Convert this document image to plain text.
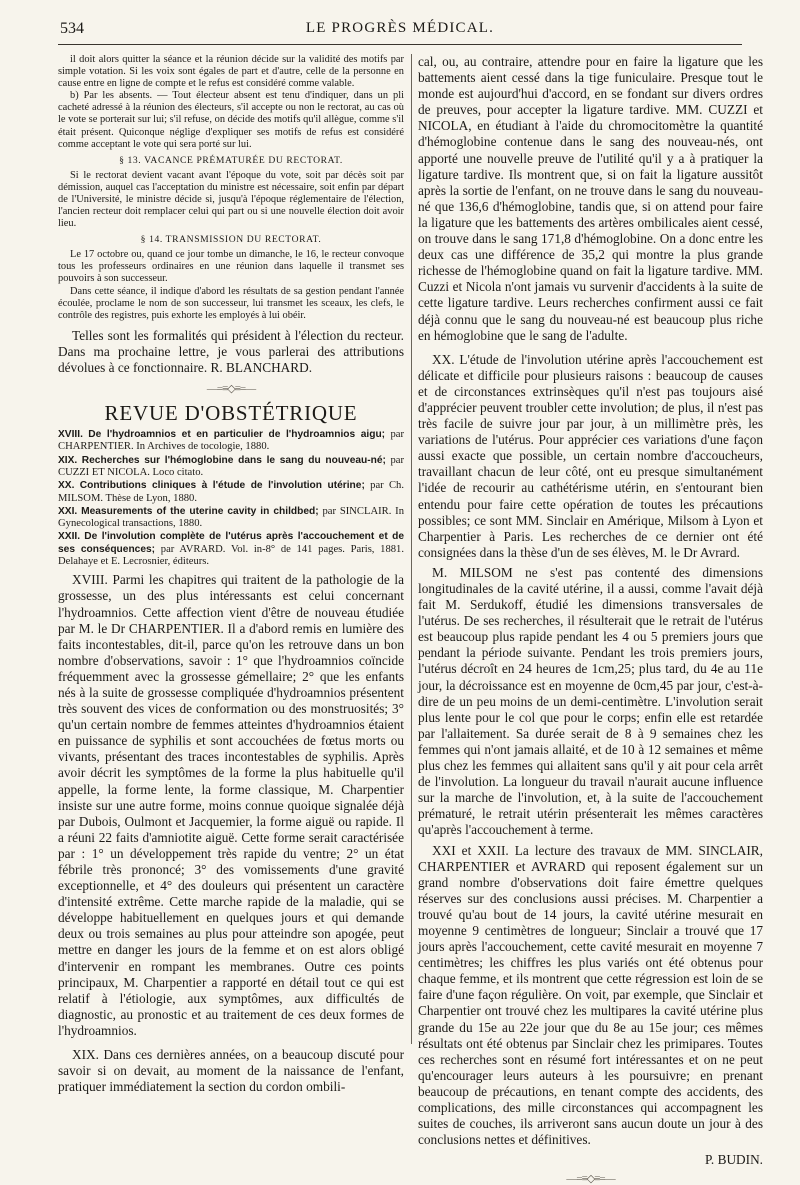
534	LE PROGRÈS MÉDICAL.

il doit alors quitter la séance et la réunion décide sur la validité des motifs par simple votation. Si les voix sont égales de part et d'autre, celle de la personne en cause entre en ligne de compte et le refus est considéré comme valable.

b) Par les absents. — Tout électeur absent est tenu d'indiquer, dans un pli cacheté adressé à la réunion des électeurs, s'il accepte ou non le rectorat, au cas où le vote se porterait sur lui; s'il refuse, on décide des motifs qu'il allègue, comme s'il était présent. Quiconque néglige d'expliquer ses motifs de refus est considéré comme acceptant le vote qui sera porté sur lui.

§ 13. VACANCE PRÉMATURÉE DU RECTORAT.

Si le rectorat devient vacant avant l'époque du vote, soit par décès soit par démission, auquel cas l'acceptation du ministre est nécessaire, soit enfin par départ de l'Université, le ministre décide si, jusqu'à l'époque réglementaire de l'élection, l'ancien recteur doit remplacer celui qui part ou si une nouvelle élection doit avoir lieu.

§ 14. TRANSMISSION DU RECTORAT.

Le 17 octobre ou, quand ce jour tombe un dimanche, le 16, le recteur convoque tous les professeurs ordinaires en une réunion dans laquelle il transmet ses pouvoirs à son successeur.

Dans cette séance, il indique d'abord les résultats de sa gestion pendant l'année écoulée, proclame le nom de son successeur, lui transmet les sceaux, les clefs, le contrôle des registres, puis exhorte les employés à lui obéir.

Telles sont les formalités qui président à l'élection du recteur. Dans ma prochaine lettre, je vous parlerai des attributions dévolues à ce fonctionnaire. R. BLANCHARD.

—=≡◇≡=—
REVUE D'OBSTÉTRIQUE

XVIII. De l'hydroamnios et en particulier de l'hydroamnios aigu; par CHARPENTIER. In Archives de tocologie, 1880.

XIX. Recherches sur l'hémoglobine dans le sang du nouveau-né; par CUZZI ET NICOLA. Loco citato.

XX. Contributions cliniques à l'étude de l'involution utérine; par Ch. MILSOM. Thèse de Lyon, 1880.

XXI. Measurements of the uterine cavity in childbed; par SINCLAIR. In Gynecological transactions, 1880.

XXII. De l'involution complète de l'utérus après l'accouchement et de ses conséquences; par AVRARD. Vol. in-8° de 141 pages. Paris, 1881. Delahaye et E. Lecrosnier, éditeurs.

XVIII. Parmi les chapitres qui traitent de la pathologie de la grossesse, un des plus intéressants est celui concernant l'hydroamnios. Cette affection vient d'être de nouveau étudiée par M. le Dr CHARPENTIER. Il a d'abord remis en lumière des faits incontestables, dit-il, parce qu'on les retrouve dans un bon nombre d'observations, savoir : 1° que l'hydroamnios coïncide fréquemment avec la grossesse gémellaire; 2° que les enfants nés à la suite de grossesse compliquée d'hydroamnios présentent très souvent des vices de conformation ou des monstruosités; 3° qu'un certain nombre de femmes atteintes d'hydroamnios étaient en puissance de syphilis et sont accouchées de fœtus morts ou vivants, présentant des traces incontestables de syphilis. Après avoir décrit les symptômes de la forme la plus habituelle qu'il appelle, la forme lente, la forme classique, M. Charpentier insiste sur une autre forme, moins connue quoique signalée déjà par Dubois, Oulmont et Jacquemier, la forme aiguë ou rapide. Il a réuni 22 faits d'amniotite aiguë. Cette forme serait caractérisée par : 1° un développement très rapide du ventre; 2° un état fébrile très prononcé; 3° des vomissements d'une gravité exceptionnelle, et 4° des douleurs qui présentent un caractère d'intensité extrême. Cette marche rapide de la maladie, qui se développe habituellement en quelques jours et qui demande deux ou trois semaines au plus pour atteindre son apogée, peut mettre en danger les jours de la femme et on est alors obligé d'intervenir en rompant les membranes. Outre ces points principaux, M. Charpentier a rapporté en détail tout ce qui est relatif à l'étiologie, aux symptômes, aux difficultés de diagnostic, au pronostic et au traitement de ces deux formes de l'hydroamnios.

XIX. Dans ces dernières années, on a beaucoup discuté pour savoir si on devait, au moment de la naissance de l'enfant, pratiquer immédiatement la section du cordon ombili-

cal, ou, au contraire, attendre pour en faire la ligature que les battements aient cessé dans la tige funiculaire. Presque tout le monde est aujourd'hui d'accord, en se fondant sur divers ordres de preuves, pour accepter la ligature tardive. MM. CUZZI et NICOLA, en étudiant à l'aide du chromocitomètre la quantité d'hémoglobine contenue dans le sang des nouveau-nés, ont apporté une nouvelle preuve de l'utilité qu'il y a à pratiquer la ligature tardive. Ils montrent que, si on fait la ligature aussitôt après la sortie de l'enfant, on ne trouve dans le sang du nouveau-né que 136,6 d'hémoglobine, tandis que, si on attend pour faire la ligature que les battements des artères ombilicales aient cessé, on trouve dans le sang 171,8 d'hémoglobine. On a donc entre les deux cas une différence de 35,2 qui montre la plus grande richesse de l'hémoglobine quand on fait la ligature tardive. MM. Cuzzi et Nicola n'ont jamais vu survenir d'accidents à la suite de cette ligature tardive. Leurs recherches confirment aussi ce fait déjà connu que le sang du nouveau-né est beaucoup plus riche en hémoglobine que le sang de l'adulte.

XX. L'étude de l'involution utérine après l'accouchement est délicate et difficile pour plusieurs raisons : beaucoup de causes et de circonstances extrinsèques qu'il n'est pas toujours aisé d'apprécier peuvent troubler cette involution; de plus, il n'est pas très facile de suivre jour par jour, à un millimètre près, les variations de l'utérus. Pour apprécier ces variations d'une façon aussi exacte que possible, un certain nombre d'accoucheurs, travaillant chacun de leur côté, ont eu presque simultanément l'idée de recourir au cathétérisme utérin, en s'entourant bien entendu pour faire cette opération de toutes les précautions possibles; ce sont MM. Sinclair en Amérique, Milsom à Lyon et Charpentier à Paris. Les recherches de ce dernier ont été consignées dans la thèse d'un de ses élèves, M. le Dr Avrard.

M. MILSOM ne s'est pas contenté des dimensions longitudinales de la cavité utérine, il a aussi, comme l'avait déjà fait M. Serdukoff, étudié les dimensions transversales de l'utérus. De ses recherches, il résulterait que le retrait de l'utérus est beaucoup plus rapide pendant les 4 ou 5 premiers jours que pendant la période suivante. Pendant les trois premiers jours, l'utérus décroît en 24 heures de 1cm,25; plus tard, du 4e au 11e jour, la décroissance est en moyenne de 0cm,45 par jour, c'est-à-dire de un peu moins de un demi-centimètre. L'involution serait plus lente pour le col que pour le corps; enfin elle est retardée par l'allaitement. Sa durée serait de 8 à 9 semaines chez les femmes qui n'ont jamais allaité, et de 10 à 12 semaines et même plus chez les femmes qui allaitent sans qu'il y ait pour cela arrêt de l'involution. La longueur du travail n'aurait aucune influence sur la marche de l'involution, et, à la suite de l'accouchement prématuré, le retrait utérin présenterait les mêmes caractères qu'après l'accouchement à terme.

XXI et XXII. La lecture des travaux de MM. SINCLAIR, CHARPENTIER et AVRARD qui reposent également sur un grand nombre d'observations doit faire émettre quelques réserves sur des conclusions aussi précises. M. Charpentier a trouvé qu'au bout de 14 jours, la cavité utérine mesurait en moyenne 9 centimètres de longueur; Sinclair a trouvé que 17 jours après l'accouchement, cette cavité mesurait en moyenne 7 centimètres; les chiffres les plus variés ont été obtenus pour chaque femme, et ils montrent que cette régression est loin de se faire d'une façon régulière. On voit, par exemple, que Sinclair et Charpentier ont trouvé chez les multipares la cavité utérine plus grande du 15e au 22e jour que du 8e au 15e jour; ces mêmes résultats ont été obtenus par Sinclair chez les primipares. Toutes ces recherches sont en résumé fort intéressantes et on ne peut qu'encourager leurs auteurs à les poursuivre; en prenant beaucoup de précautions, en tenant compte des accidents, des complications, des mille circonstances qui accompagnent les suites de couches, ils arriveront sans aucun doute un jour à des conclusions nettes et définitives.

P. BUDIN.

—=≡◇≡=—
